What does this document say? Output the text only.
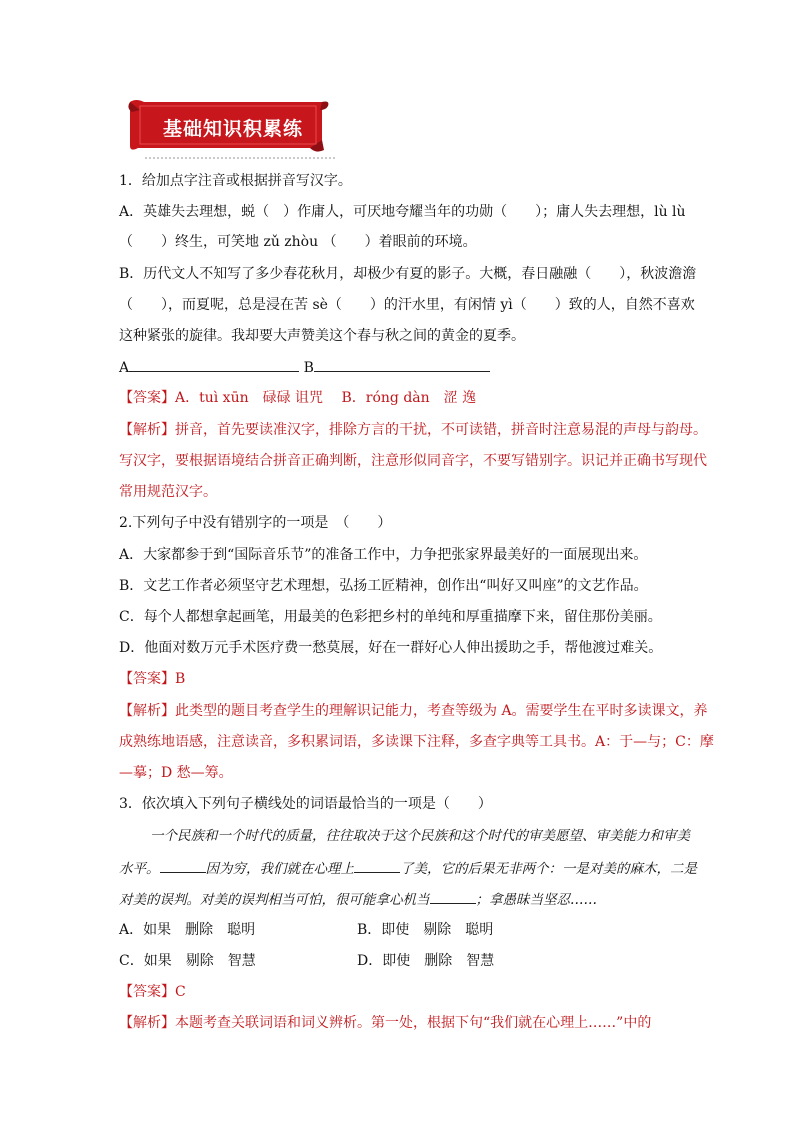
基础知识积累练
1．给加点字注音或根据拼音写汉字。
A．英雄失去理想，蜕（　）作庸人，可厌地夸耀当年的功勋（　　）；庸人失去理想，lù lù
（　　）终生，可笑地 zǔ zhòu （　　）着眼前的环境。
B．历代文人不知写了多少春花秋月，却极少有夏的影子。大概，春日融融（　　），秋波澹澹
（　　），而夏呢，总是浸在苦 sè（　　）的汗水里，有闲情 yì（　　）致的人，自然不喜欢
这种紧张的旋律。我却要大声赞美这个春与秋之间的黄金的夏季。
A	B
【答案】A．tuì xūn　碌碌 诅咒　 B．róng dàn　涩 逸
【解析】拼音，首先要读准汉字，排除方言的干扰，不可读错，拼音时注意易混的声母与韵母。
写汉字，要根据语境结合拼音正确判断，注意形似同音字，不要写错别字。识记并正确书写现代
常用规范汉字。
2.下列句子中没有错别字的一项是　（　　）
A．大家都参于到“国际音乐节”的准备工作中，力争把张家界最美好的一面展现出来。
B．文艺工作者必须坚守艺术理想，弘扬工匠精神，创作出“叫好又叫座”的文艺作品。
C．每个人都想拿起画笔，用最美的色彩把乡村的单纯和厚重描摩下来，留住那份美丽。
D．他面对数万元手术医疗费一愁莫展，好在一群好心人伸出援助之手，帮他渡过难关。
【答案】B
【解析】此类型的题目考查学生的理解识记能力，考查等级为 A。需要学生在平时多读课文，养
成熟练地语感，注意读音，多积累词语，多读课下注释，多查字典等工具书。A：于—与；C：摩
—摹；D 愁—筹。
3．依次填入下列句子横线处的词语最恰当的一项是（　　）
一个民族和一个时代的质量，往往取决于这个民族和这个时代的审美愿望、审美能力和审美
水平。	因为穷，我们就在心理上	了美，它的后果无非两个：一是对美的麻木，二是
对美的误判。对美的误判相当可怕，很可能拿心机当	；拿愚昧当坚忍……
A．如果　删除　聪明	B．即使　剔除　聪明
C．如果　剔除　智慧	D．即使　删除　智慧
【答案】C
【解析】本题考查关联词语和词义辨析。第一处，根据下句“我们就在心理上……”中的
